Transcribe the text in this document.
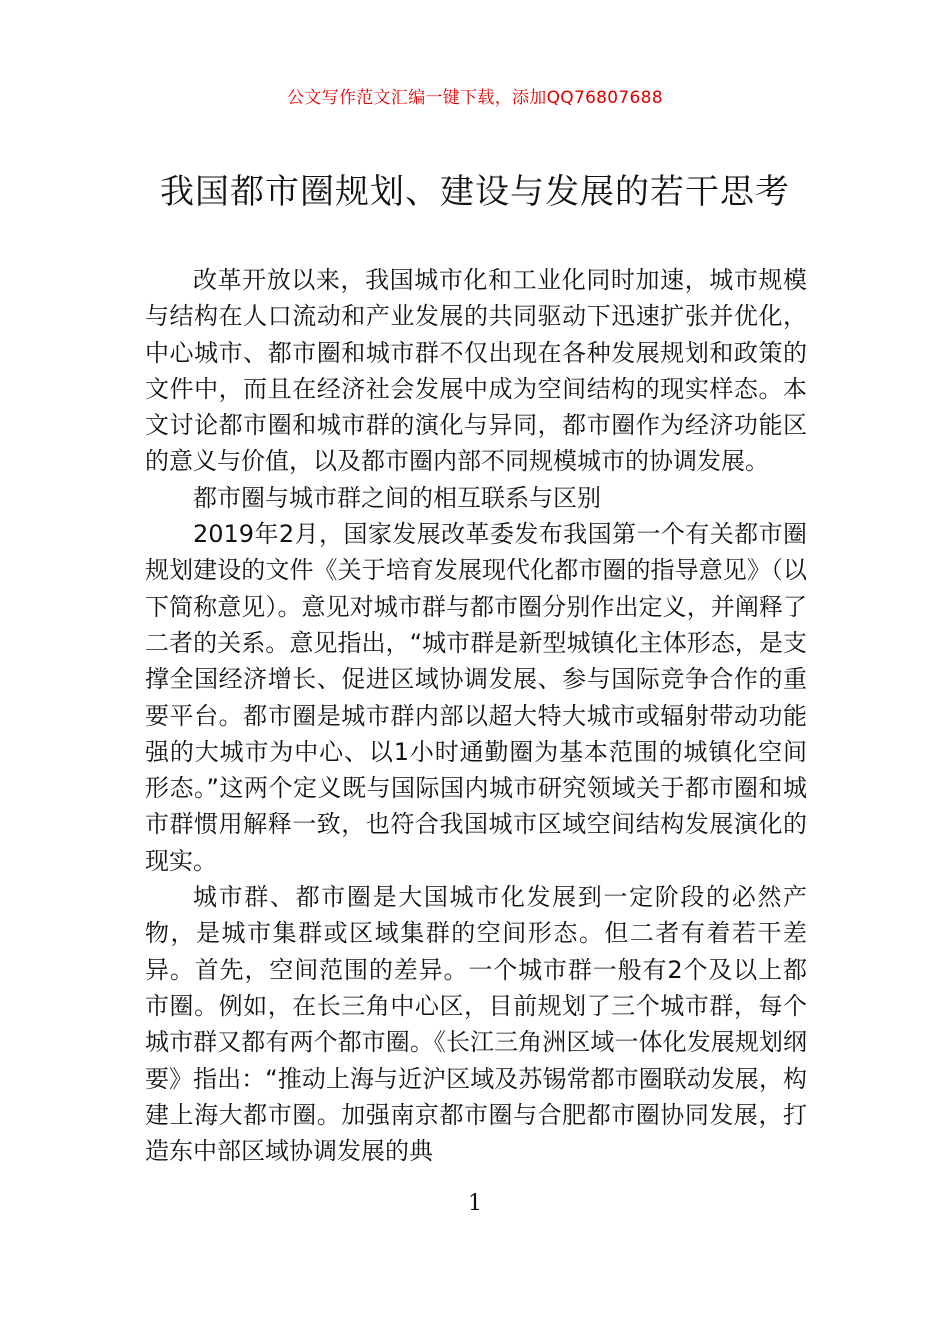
公文写作范文汇编一键下载，添加QQ76807688
我国都市圈规划、建设与发展的若干思考

改革开放以来，我国城市化和工业化同时加速，城市规模与结构在人口流动和产业发展的共同驱动下迅速扩张并优化，中心城市、都市圈和城市群不仅出现在各种发展规划和政策的文件中，而且在经济社会发展中成为空间结构的现实样态。本文讨论都市圈和城市群的演化与异同，都市圈作为经济功能区的意义与价值，以及都市圈内部不同规模城市的协调发展。

都市圈与城市群之间的相互联系与区别

2019年2月，国家发展改革委发布我国第一个有关都市圈规划建设的文件《关于培育发展现代化都市圈的指导意见》（以下简称意见）。意见对城市群与都市圈分别作出定义，并阐释了二者的关系。意见指出，“城市群是新型城镇化主体形态，是支撑全国经济增长、促进区域协调发展、参与国际竞争合作的重要平台。都市圈是城市群内部以超大特大城市或辐射带动功能强的大城市为中心、以1小时通勤圈为基本范围的城镇化空间形态。”这两个定义既与国际国内城市研究领域关于都市圈和城市群惯用解释一致，也符合我国城市区域空间结构发展演化的现实。

城市群、都市圈是大国城市化发展到一定阶段的必然产物，是城市集群或区域集群的空间形态。但二者有着若干差异。首先，空间范围的差异。一个城市群一般有2个及以上都市圈。例如，在长三角中心区，目前规划了三个城市群，每个城市群又都有两个都市圈。《长江三角洲区域一体化发展规划纲要》指出：“推动上海与近沪区域及苏锡常都市圈联动发展，构建上海大都市圈。加强南京都市圈与合肥都市圈协同发展，打造东中部区域协调发展的典

1
